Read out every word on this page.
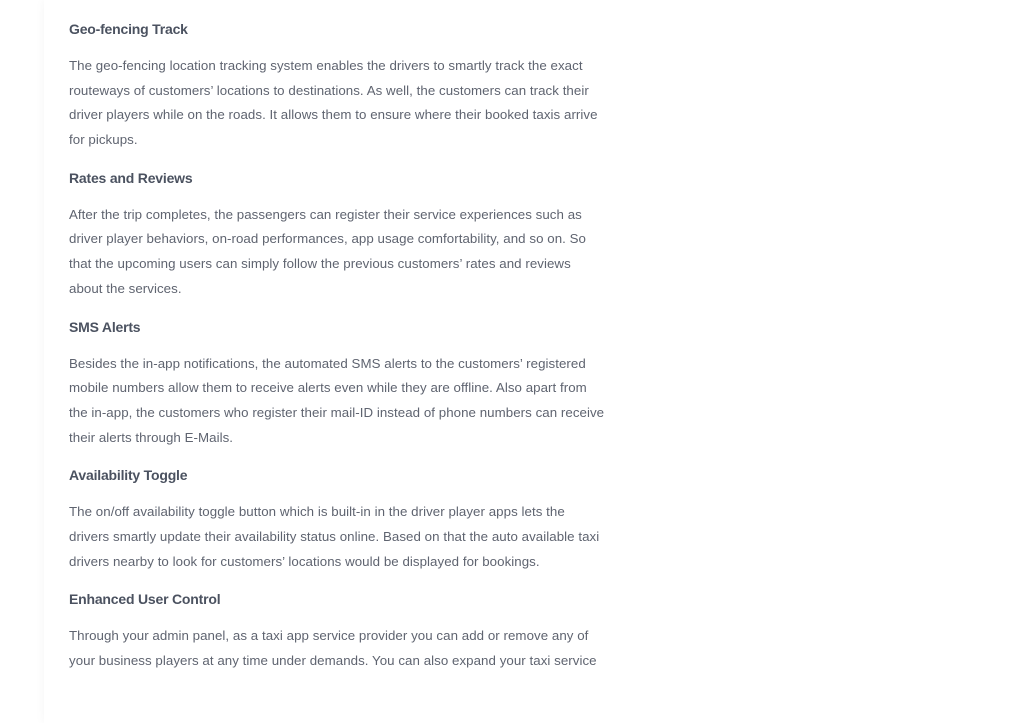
Geo-fencing Track

The geo-fencing location tracking system enables the drivers to smartly track the exact
routeways of customers’ locations to destinations. As well, the customers can track their
driver players while on the roads. It allows them to ensure where their booked taxis arrive
for pickups.

Rates and Reviews

After the trip completes, the passengers can register their service experiences such as
driver player behaviors, on-road performances, app usage comfortability, and so on. So
that the upcoming users can simply follow the previous customers’ rates and reviews
about the services.

SMS Alerts

Besides the in-app notifications, the automated SMS alerts to the customers’ registered
mobile numbers allow them to receive alerts even while they are offline. Also apart from
the in-app, the customers who register their mail-ID instead of phone numbers can receive
their alerts through E-Mails.

Availability Toggle

The on/off availability toggle button which is built-in in the driver player apps lets the
drivers smartly update their availability status online. Based on that the auto available taxi
drivers nearby to look for customers’ locations would be displayed for bookings.

Enhanced User Control

Through your admin panel, as a taxi app service provider you can add or remove any of
your business players at any time under demands. You can also expand your taxi service
